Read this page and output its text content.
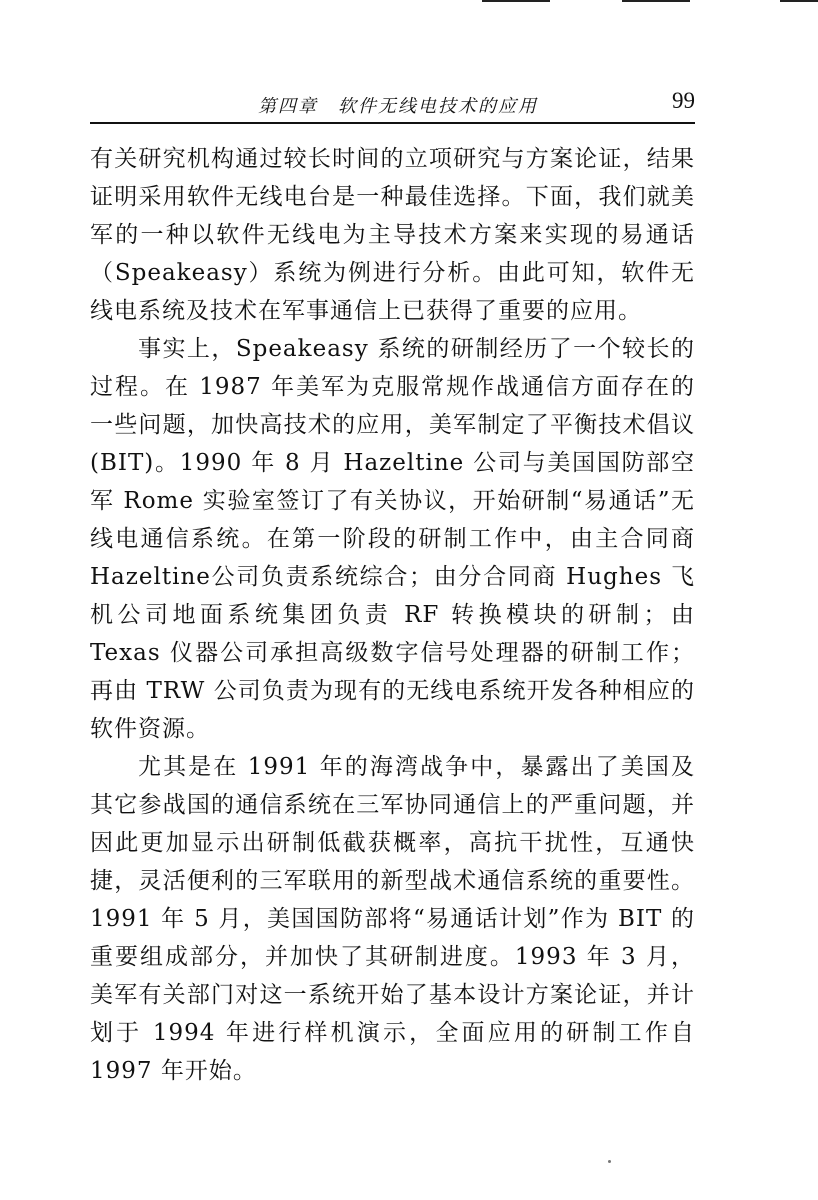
第四章　软件无线电技术的应用	99

有关研究机构通过较长时间的立项研究与方案论证，结果证明采用软件无线电台是一种最佳选择。下面，我们就美军的一种以软件无线电为主导技术方案来实现的易通话（Speakeasy）系统为例进行分析。由此可知，软件无线电系统及技术在军事通信上已获得了重要的应用。

事实上，Speakeasy 系统的研制经历了一个较长的过程。在 1987 年美军为克服常规作战通信方面存在的一些问题，加快高技术的应用，美军制定了平衡技术倡议(BIT)。1990 年 8 月 Hazeltine 公司与美国国防部空军 Rome 实验室签订了有关协议，开始研制“易通话”无线电通信系统。在第一阶段的研制工作中，由主合同商 Hazeltine公司负责系统综合；由分合同商 Hughes 飞机公司地面系统集团负责 RF 转换模块的研制；由 Texas 仪器公司承担高级数字信号处理器的研制工作；再由 TRW 公司负责为现有的无线电系统开发各种相应的软件资源。

尤其是在 1991 年的海湾战争中，暴露出了美国及其它参战国的通信系统在三军协同通信上的严重问题，并因此更加显示出研制低截获概率，高抗干扰性，互通快捷，灵活便利的三军联用的新型战术通信系统的重要性。1991 年 5 月，美国国防部将“易通话计划”作为 BIT 的重要组成部分，并加快了其研制进度。1993 年 3 月，美军有关部门对这一系统开始了基本设计方案论证，并计划于 1994 年进行样机演示，全面应用的研制工作自 1997 年开始。
